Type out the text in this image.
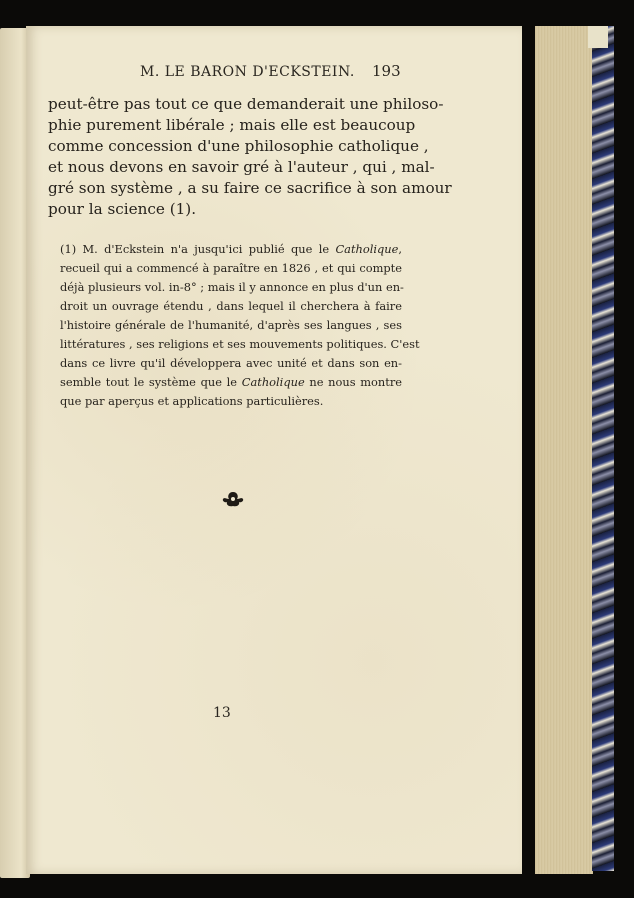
M. LE BARON D'ECKSTEIN.	193
peut-être pas tout ce que demanderait une philoso-
phie purement libérale ; mais elle est beaucoup
comme concession d'une philosophie catholique ,
et nous devons en savoir gré à l'auteur , qui , mal-
gré son système , a su faire ce sacrifice à son amour
pour la science (1).
(1) M. d'Eckstein n'a jusqu'ici publié que le Catholique,
recueil qui a commencé à paraître en 1826 , et qui compte
déjà plusieurs vol. in-8° ; mais il y annonce en plus d'un en-
droit un ouvrage étendu , dans lequel il cherchera à faire
l'histoire générale de l'humanité, d'après ses langues , ses
littératures , ses religions et ses mouvements politiques. C'est
dans ce livre qu'il développera avec unité et dans son en-
semble tout le système que le Catholique ne nous montre
que par aperçus et applications particulières.
13
